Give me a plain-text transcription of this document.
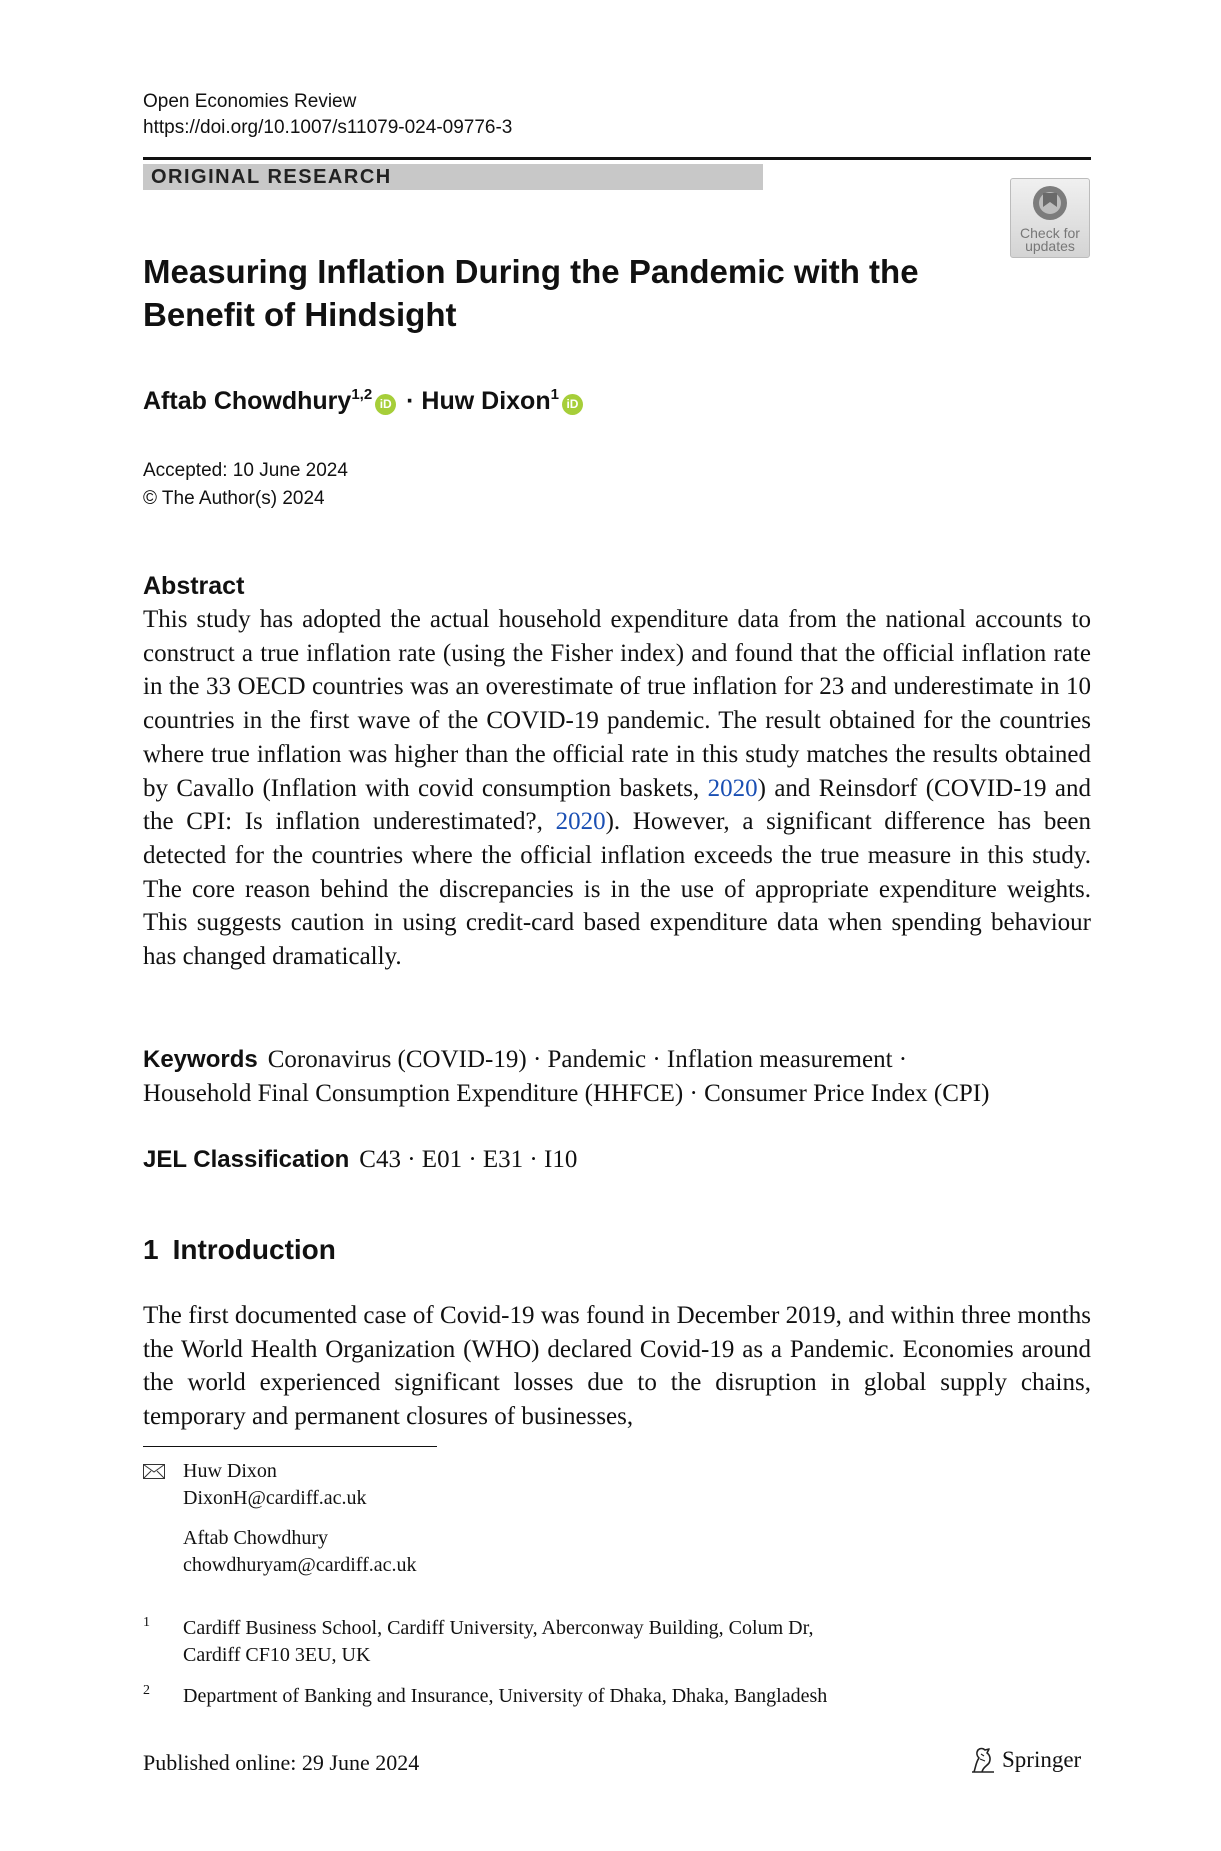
Open Economies Review
https://doi.org/10.1007/s11079-024-09776-3
ORIGINAL RESEARCH
Check for
updates
Measuring Inflation During the Pandemic with the Benefit of Hindsight
Aftab Chowdhury$^{1,2}$iD · Huw Dixon$^1$iD
Accepted: 10 June 2024
© The Author(s) 2024
Abstract

This study has adopted the actual household expenditure data from the national accounts to construct a true inflation rate (using the Fisher index) and found that the official inflation rate in the 33 OECD countries was an overestimate of true inflation for 23 and underestimate in 10 countries in the first wave of the COVID-19 pandemic. The result obtained for the countries where true inflation was higher than the official rate in this study matches the results obtained by Cavallo (Inflation with covid consumption baskets, 2020) and Reinsdorf (COVID-19 and the CPI: Is inflation underestimated?, 2020). However, a significant difference has been detected for the countries where the official inflation exceeds the true measure in this study. The core reason behind the discrepancies is in the use of appropriate expenditure weights. This suggests caution in using credit-card based expenditure data when spending behaviour has changed dramatically.

Keywords Coronavirus (COVID-19) · Pandemic · Inflation measurement ·
Household Final Consumption Expenditure (HHFCE) · Consumer Price Index (CPI)
JEL Classification C43 · E01 · E31 · I10
1 Introduction

The first documented case of Covid-19 was found in December 2019, and within three months the World Health Organization (WHO) declared Covid-19 as a Pandemic. Economies around the world experienced significant losses due to the disruption in global supply chains, temporary and permanent closures of businesses,

Huw Dixon
DixonH@cardiff.ac.uk
Aftab Chowdhury
chowdhuryam@cardiff.ac.uk
1 Cardiff Business School, Cardiff University, Aberconway Building, Colum Dr,
Cardiff CF10 3EU, UK
2 Department of Banking and Insurance, University of Dhaka, Dhaka, Bangladesh
Published online: 29 June 2024	Springer
